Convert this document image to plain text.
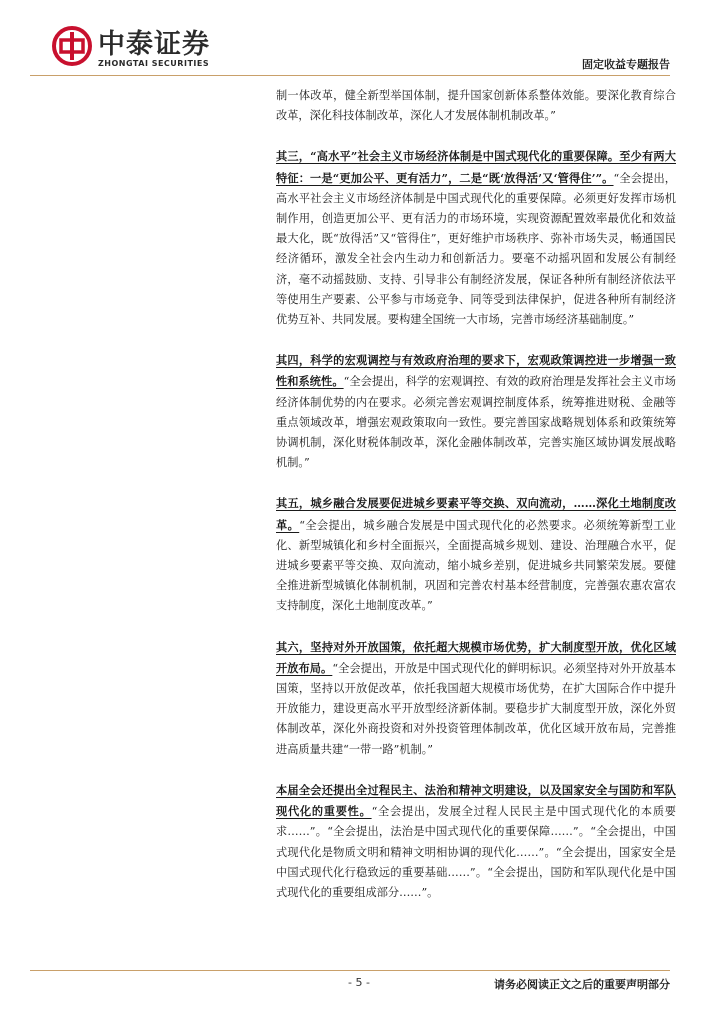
中泰证券
ZHONGTAI SECURITIES	固定收益专题报告

制一体改革，健全新型举国体制，提升国家创新体系整体效能。要深化教育综合改革，深化科技体制改革，深化人才发展体制机制改革。”

其三，“高水平”社会主义市场经济体制是中国式现代化的重要保障。至少有两大特征：一是“更加公平、更有活力”，二是“既‘放得活’又‘管得住’”。“全会提出，高水平社会主义市场经济体制是中国式现代化的重要保障。必须更好发挥市场机制作用，创造更加公平、更有活力的市场环境，实现资源配置效率最优化和效益最大化，既“放得活”又“管得住”，更好维护市场秩序、弥补市场失灵，畅通国民经济循环，激发全社会内生动力和创新活力。要毫不动摇巩固和发展公有制经济，毫不动摇鼓励、支持、引导非公有制经济发展，保证各种所有制经济依法平等使用生产要素、公平参与市场竞争、同等受到法律保护，促进各种所有制经济优势互补、共同发展。要构建全国统一大市场，完善市场经济基础制度。”

其四，科学的宏观调控与有效政府治理的要求下，宏观政策调控进一步增强一致性和系统性。“全会提出，科学的宏观调控、有效的政府治理是发挥社会主义市场经济体制优势的内在要求。必须完善宏观调控制度体系，统筹推进财税、金融等重点领域改革，增强宏观政策取向一致性。要完善国家战略规划体系和政策统筹协调机制，深化财税体制改革，深化金融体制改革，完善实施区域协调发展战略机制。”

其五，城乡融合发展要促进城乡要素平等交换、双向流动，……深化土地制度改革。“全会提出，城乡融合发展是中国式现代化的必然要求。必须统筹新型工业化、新型城镇化和乡村全面振兴，全面提高城乡规划、建设、治理融合水平，促进城乡要素平等交换、双向流动，缩小城乡差别，促进城乡共同繁荣发展。要健全推进新型城镇化体制机制，巩固和完善农村基本经营制度，完善强农惠农富农支持制度，深化土地制度改革。”

其六，坚持对外开放国策，依托超大规模市场优势，扩大制度型开放，优化区域开放布局。“全会提出，开放是中国式现代化的鲜明标识。必须坚持对外开放基本国策，坚持以开放促改革，依托我国超大规模市场优势，在扩大国际合作中提升开放能力，建设更高水平开放型经济新体制。要稳步扩大制度型开放，深化外贸体制改革，深化外商投资和对外投资管理体制改革，优化区域开放布局，完善推进高质量共建“一带一路”机制。”

本届全会还提出全过程民主、法治和精神文明建设，以及国家安全与国防和军队现代化的重要性。“全会提出，发展全过程人民民主是中国式现代化的本质要求……”。“全会提出，法治是中国式现代化的重要保障……”。“全会提出，中国式现代化是物质文明和精神文明相协调的现代化……”。“全会提出，国家安全是中国式现代化行稳致远的重要基础……”。“全会提出，国防和军队现代化是中国式现代化的重要组成部分……”。

- 5 -	请务必阅读正文之后的重要声明部分
